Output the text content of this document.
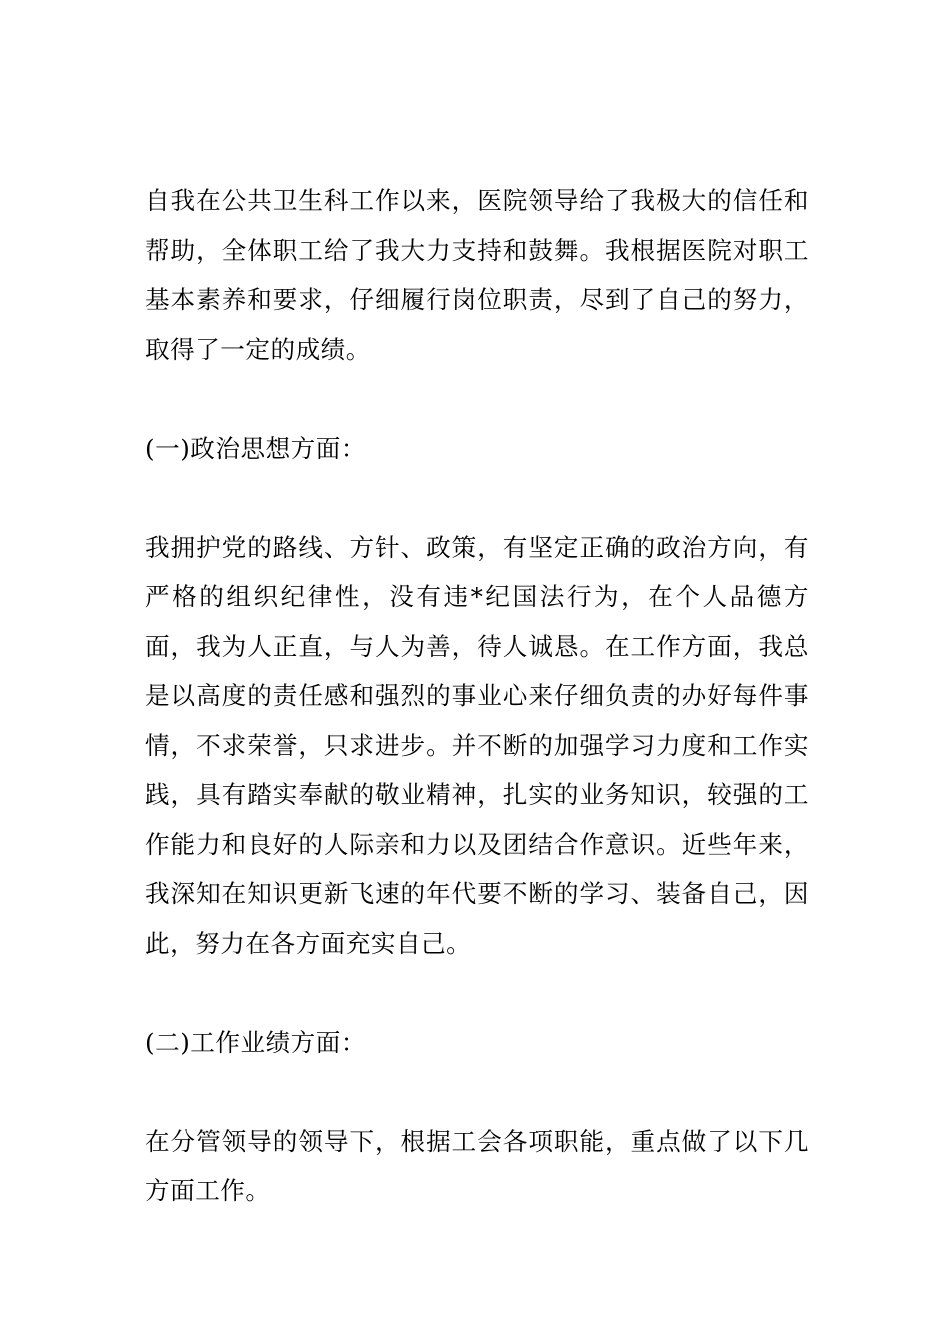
自我在公共卫生科工作以来，医院领导给了我极大的信任和帮助，全体职工给了我大力支持和鼓舞。我根据医院对职工基本素养和要求，仔细履行岗位职责，尽到了自己的努力，取得了一定的成绩。

(一)政治思想方面：

我拥护党的路线、方针、政策，有坚定正确的政治方向，有严格的组织纪律性，没有违*纪国法行为，在个人品德方面，我为人正直，与人为善，待人诚恳。在工作方面，我总是以高度的责任感和强烈的事业心来仔细负责的办好每件事情，不求荣誉，只求进步。并不断的加强学习力度和工作实践，具有踏实奉献的敬业精神，扎实的业务知识，较强的工作能力和良好的人际亲和力以及团结合作意识。近些年来，我深知在知识更新飞速的年代要不断的学习、装备自己，因此，努力在各方面充实自己。

(二)工作业绩方面：

在分管领导的领导下，根据工会各项职能，重点做了以下几方面工作。
